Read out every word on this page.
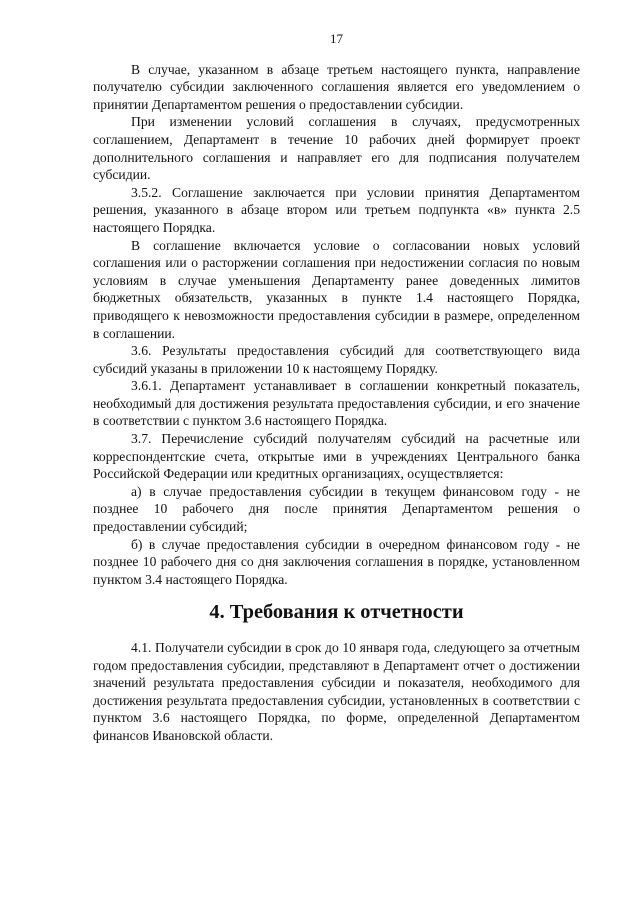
17

В случае, указанном в абзаце третьем настоящего пункта, направление получателю субсидии заключенного соглашения является его уведомлением о принятии Департаментом решения о предоставлении субсидии.

При изменении условий соглашения в случаях, предусмотренных соглашением, Департамент в течение 10 рабочих дней формирует проект дополнительного соглашения и направляет его для подписания получателем субсидии.

3.5.2. Соглашение заключается при условии принятия Департаментом решения, указанного в абзаце втором или третьем подпункта «в» пункта 2.5 настоящего Порядка.

В соглашение включается условие о согласовании новых условий соглашения или о расторжении соглашения при недостижении согласия по новым условиям в случае уменьшения Департаменту ранее доведенных лимитов бюджетных обязательств, указанных в пункте 1.4 настоящего Порядка, приводящего к невозможности предоставления субсидии в размере, определенном в соглашении.

3.6. Результаты предоставления субсидий для соответствующего вида субсидий указаны в приложении 10 к настоящему Порядку.

3.6.1. Департамент устанавливает в соглашении конкретный показатель, необходимый для достижения результата предоставления субсидии, и его значение в соответствии с пунктом 3.6 настоящего Порядка.

3.7. Перечисление субсидий получателям субсидий на расчетные или корреспондентские счета, открытые ими в учреждениях Центрального банка Российской Федерации или кредитных организациях, осуществляется:

а) в случае предоставления субсидии в текущем финансовом году - не позднее 10 рабочего дня после принятия Департаментом решения о предоставлении субсидий;

б) в случае предоставления субсидии в очередном финансовом году - не позднее 10 рабочего дня со дня заключения соглашения в порядке, установленном пунктом 3.4 настоящего Порядка.

4. Требования к отчетности

4.1. Получатели субсидии в срок до 10 января года, следующего за отчетным годом предоставления субсидии, представляют в Департамент отчет о достижении значений результата предоставления субсидии и показателя, необходимого для достижения результата предоставления субсидии, установленных в соответствии с пунктом 3.6 настоящего Порядка, по форме, определенной Департаментом финансов Ивановской области.
